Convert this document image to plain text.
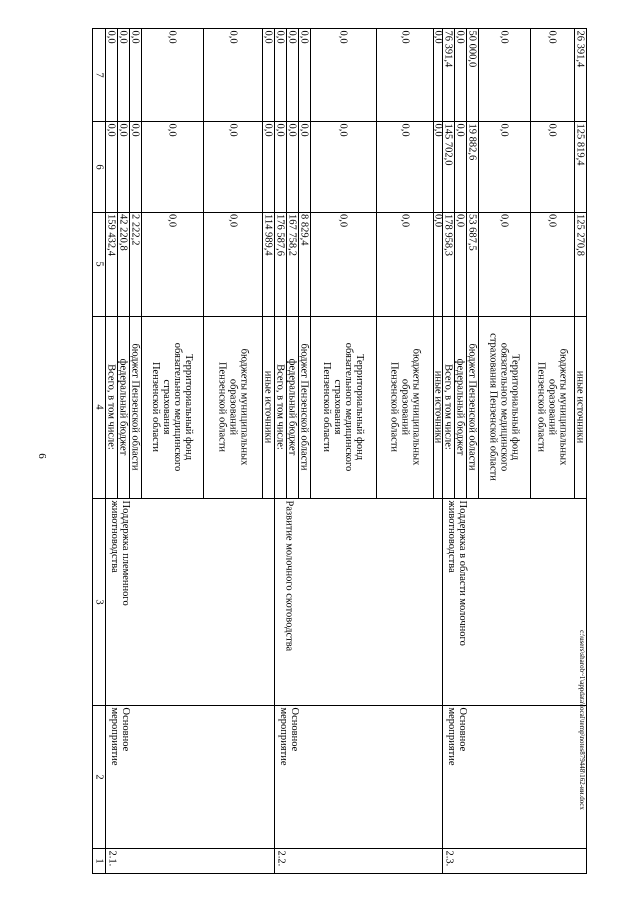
6
1
2
3
4
5
6
7
2.1.
Основное
мероприятие
Поддержка племенного
животноводства
Всего, в том числе:
159 432,4
0,0
0,0
федеральный бюджет
42 220,8
0,0
0,0
бюджет Пензенской области
2 222,2
0,0
0,0
Территориальный фонд
обязательного медицинского
страхования
Пензенской области
0,0
0,0
0,0
бюджеты муниципальных
образований
Пензенской области
0,0
0,0
0,0
иные источники
114 989,4
0,0
0,0
2.2.
Основное
мероприятие
Развитие молочного скотоводства
Всего, в том числе:
176 587,6
0,0
0,0
федеральный бюджет
167 758,2
0,0
0,0
бюджет Пензенской области
8 829,4
0,0
0,0
Территориальный фонд
обязательного медицинского
страхования
Пензенской области
0,0
0,0
0,0
бюджеты муниципальных
образований
Пензенской области
0,0
0,0
0,0
иные источники
0,0
0,0
0,0
2.3.
Основное
мероприятие
Поддержка в области молочного
животноводства
Всего, в том числе:
178 958,3
145 702,0
76 391,4
федеральный бюджет
0,0
0,0
0,0
бюджет Пензенской области
53 687,5
19 882,6
50 000,0
Территориальный фонд
обязательного медицинского
страхования Пензенской области
0,0
0,0
0,0
бюджеты муниципальных
образований
Пензенской области
0,0
0,0
0,0
иные источники
125 270,8
125 819,4
26 391,4
c:\users\sharob~1\appdata\local\temp\notes879448\162-ии.docx
